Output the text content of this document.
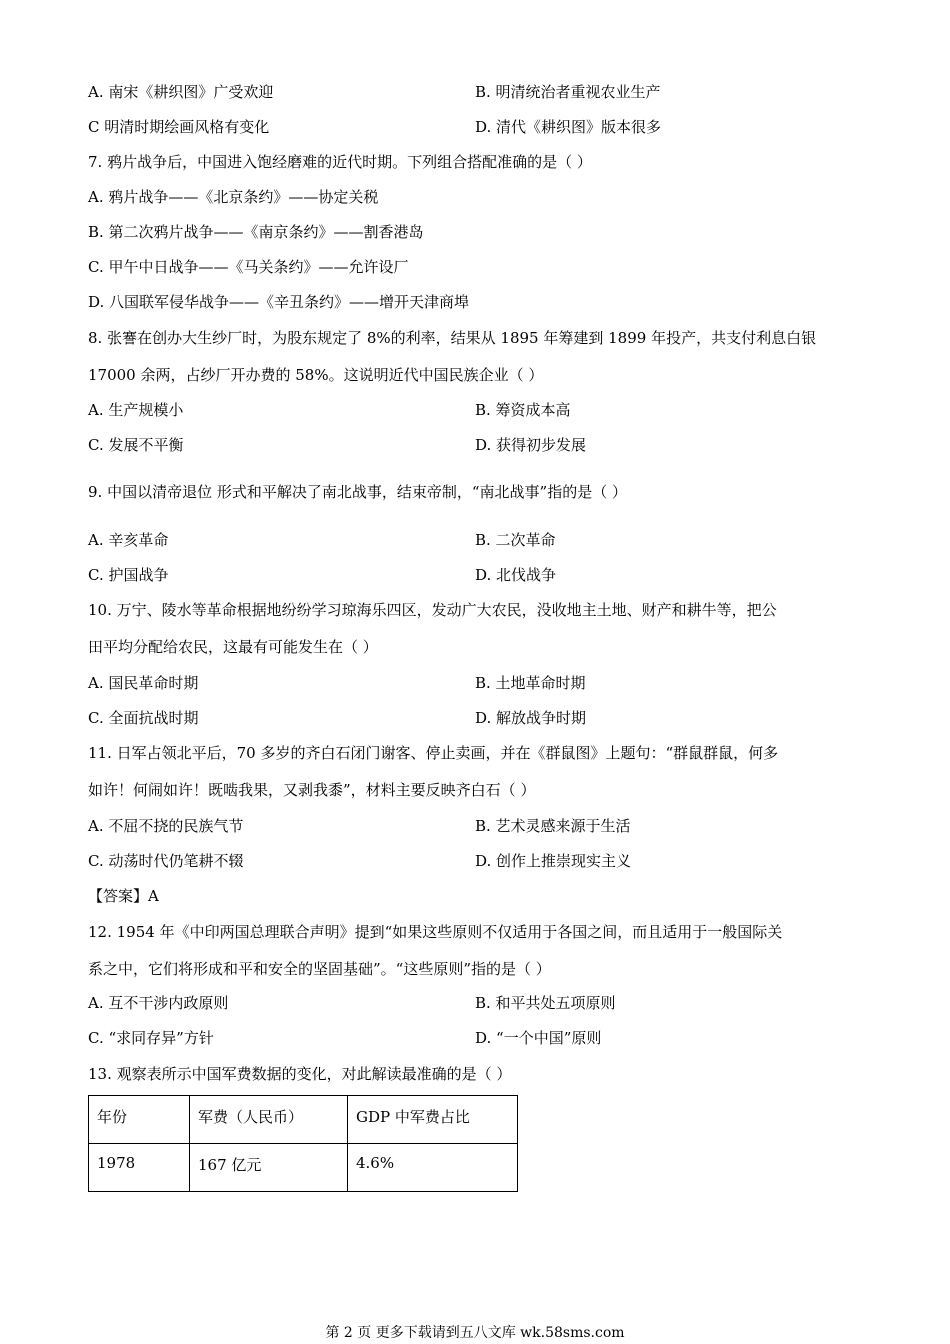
A. 南宋《耕织图》广受欢迎	B. 明清统治者重视农业生产
C 明清时期绘画风格有变化	D. 清代《耕织图》版本很多
7. 鸦片战争后，中国进入饱经磨难的近代时期。下列组合搭配准确的是（ ）
A. 鸦片战争——《北京条约》——协定关税
B. 第二次鸦片战争——《南京条约》——割香港岛
C. 甲午中日战争——《马关条约》——允许设厂
D. 八国联军侵华战争——《辛丑条约》——增开天津商埠
8. 张謇在创办大生纱厂时，为股东规定了 8%的利率，结果从 1895 年筹建到 1899 年投产，共支付利息白银
17000 余两，占纱厂开办费的 58%。这说明近代中国民族企业（ ）
A. 生产规模小	B. 筹资成本高
C. 发展不平衡	D. 获得初步发展
9. 中国以清帝退位 形式和平解决了南北战事，结束帝制，“南北战事”指的是（ ）
A. 辛亥革命	B. 二次革命
C. 护国战争	D. 北伐战争
10. 万宁、陵水等革命根据地纷纷学习琼海乐四区，发动广大农民，没收地主土地、财产和耕牛等，把公
田平均分配给农民，这最有可能发生在（ ）
A. 国民革命时期	B. 土地革命时期
C. 全面抗战时期	D. 解放战争时期
11. 日军占领北平后，70 多岁的齐白石闭门谢客、停止卖画，并在《群鼠图》上题句：“群鼠群鼠，何多
如许！何闹如许！既啮我果，又剥我黍”，材料主要反映齐白石（ ）
A. 不屈不挠的民族气节	B. 艺术灵感来源于生活
C. 动荡时代仍笔耕不辍	D. 创作上推崇现实主义
【答案】A
12. 1954 年《中印两国总理联合声明》提到“如果这些原则不仅适用于各国之间，而且适用于一般国际关
系之中，它们将形成和平和安全的坚固基础”。“这些原则”指的是（ ）
A. 互不干涉内政原则	B. 和平共处五项原则
C. “求同存异”方针	D. “一个中国”原则
13. 观察表所示中国军费数据的变化，对此解读最准确的是（ ）
年份	军费（人民币）	GDP 中军费占比
1978	167 亿元	4.6%
第 2 页 更多下载请到五八文库 wk.58sms.com
